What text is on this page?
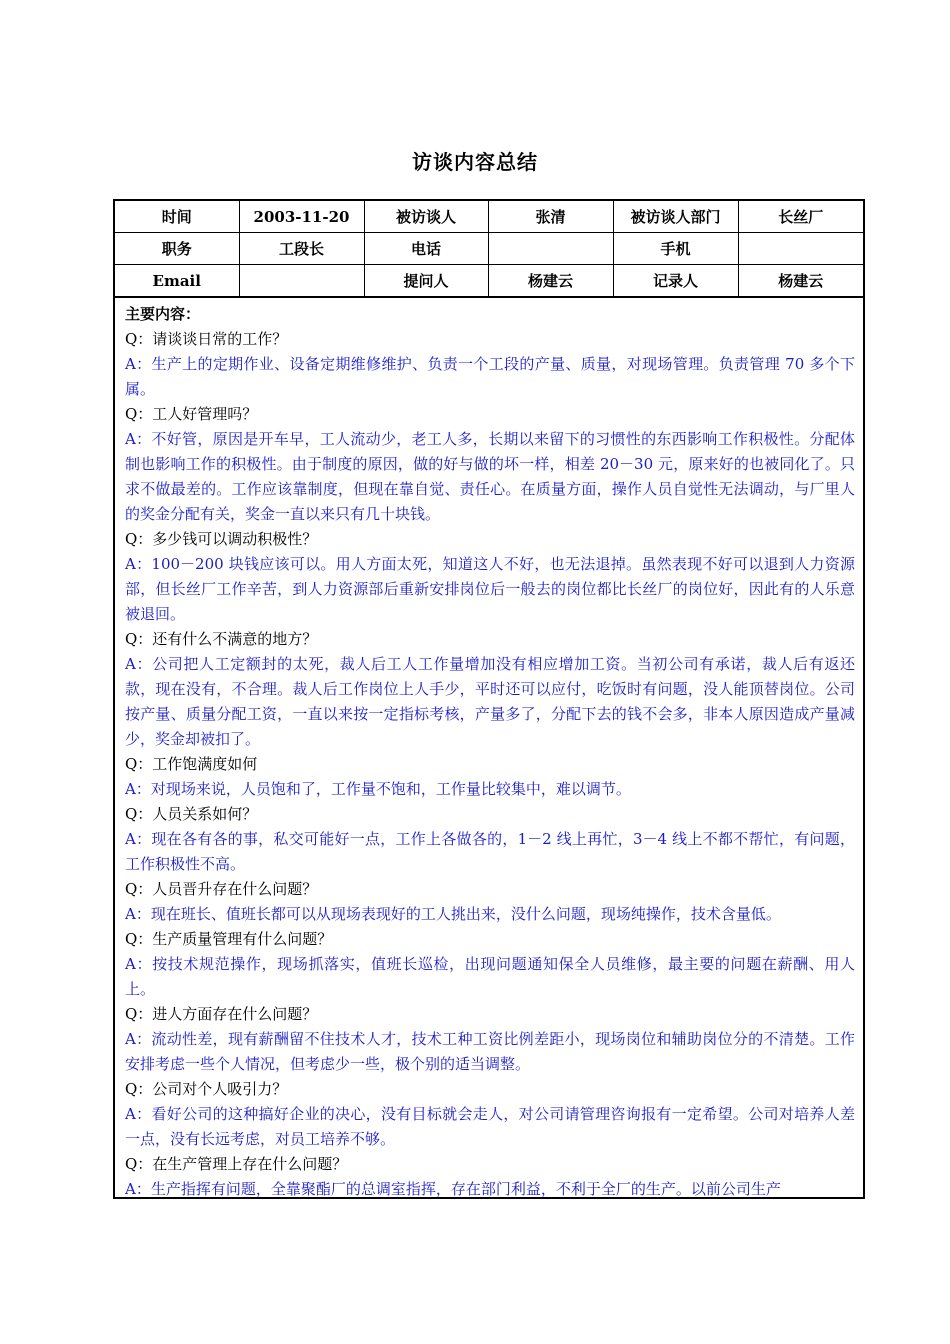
访谈内容总结
时间	2003-11-20	被访谈人	张清	被访谈人部门	长丝厂
职务	工段长	电话		手机	
Email		提问人	杨建云	记录人	杨建云
主要内容：
Q：请谈谈日常的工作？
A：生产上的定期作业、设备定期维修维护、负责一个工段的产量、质量，对现场管理。负责管理 70 多个下属。
Q：工人好管理吗？
A：不好管，原因是开车早，工人流动少，老工人多，长期以来留下的习惯性的东西影响工作积极性。分配体制也影响工作的积极性。由于制度的原因，做的好与做的坏一样，相差 20－30 元，原来好的也被同化了。只求不做最差的。工作应该靠制度，但现在靠自觉、责任心。在质量方面，操作人员自觉性无法调动，与厂里人的奖金分配有关，奖金一直以来只有几十块钱。
Q：多少钱可以调动积极性？
A：100－200 块钱应该可以。用人方面太死，知道这人不好，也无法退掉。虽然表现不好可以退到人力资源部，但长丝厂工作辛苦，到人力资源部后重新安排岗位后一般去的岗位都比长丝厂的岗位好，因此有的人乐意被退回。
Q：还有什么不满意的地方？
A：公司把人工定额封的太死，裁人后工人工作量增加没有相应增加工资。当初公司有承诺，裁人后有返还款，现在没有，不合理。裁人后工作岗位上人手少，平时还可以应付，吃饭时有问题，没人能顶替岗位。公司按产量、质量分配工资，一直以来按一定指标考核，产量多了，分配下去的钱不会多，非本人原因造成产量减少，奖金却被扣了。
Q：工作饱满度如何
A：对现场来说，人员饱和了，工作量不饱和，工作量比较集中，难以调节。
Q：人员关系如何？
A：现在各有各的事，私交可能好一点，工作上各做各的，1－2 线上再忙，3－4 线上不都不帮忙，有问题，工作积极性不高。
Q：人员晋升存在什么问题？
A：现在班长、值班长都可以从现场表现好的工人挑出来，没什么问题，现场纯操作，技术含量低。
Q：生产质量管理有什么问题？
A：按技术规范操作，现场抓落实，值班长巡检，出现问题通知保全人员维修，最主要的问题在薪酬、用人上。
Q：进人方面存在什么问题？
A：流动性差，现有薪酬留不住技术人才，技术工种工资比例差距小，现场岗位和辅助岗位分的不清楚。工作安排考虑一些个人情况，但考虑少一些，极个别的适当调整。
Q：公司对个人吸引力？
A：看好公司的这种搞好企业的决心，没有目标就会走人，对公司请管理咨询报有一定希望。公司对培养人差一点，没有长远考虑，对员工培养不够。
Q：在生产管理上存在什么问题？
A：生产指挥有问题，全靠聚酯厂的总调室指挥，存在部门利益，不利于全厂的生产。以前公司生产
